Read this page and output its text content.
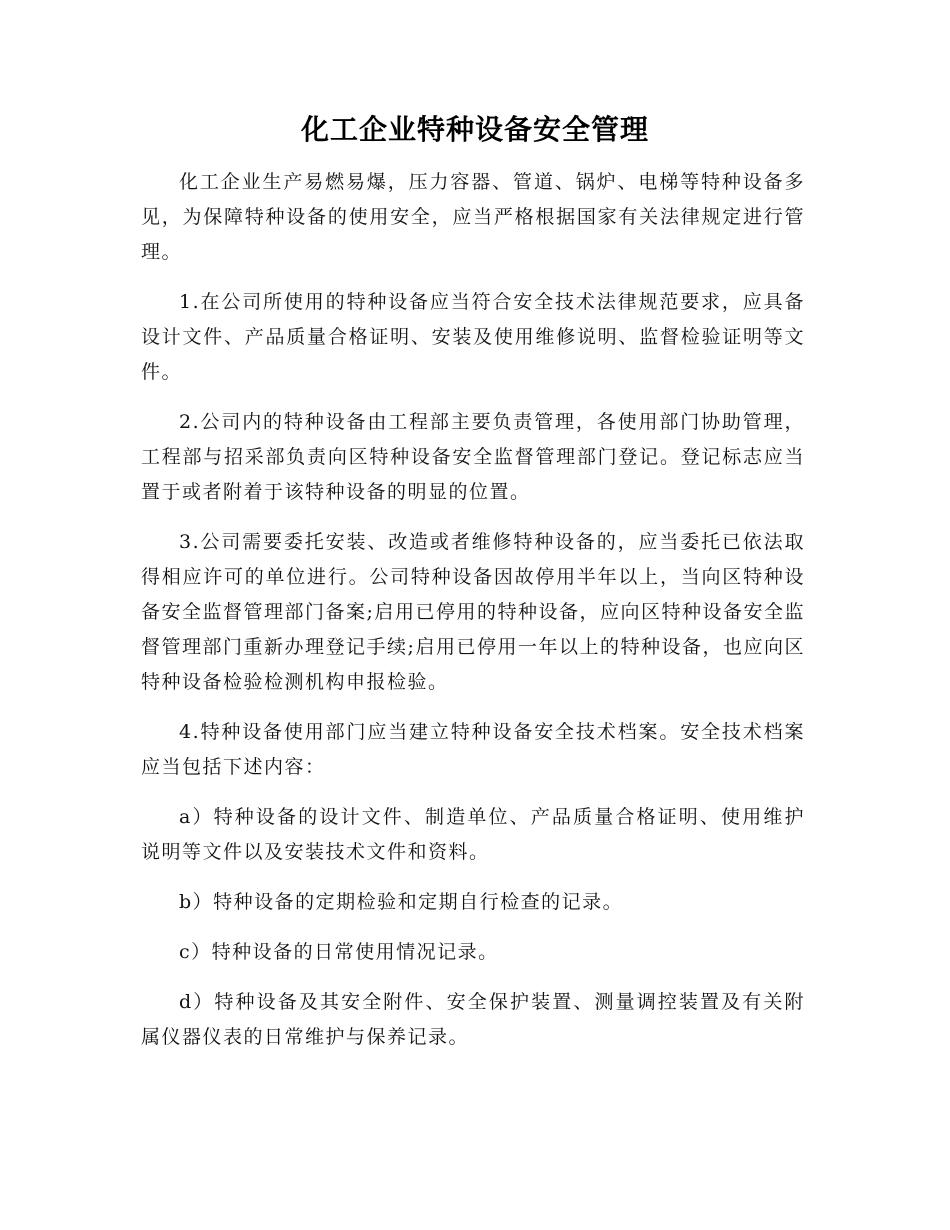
化工企业特种设备安全管理

化工企业生产易燃易爆，压力容器、管道、锅炉、电梯等特种设备多见，为保障特种设备的使用安全，应当严格根据国家有关法律规定进行管理。

1.在公司所使用的特种设备应当符合安全技术法律规范要求，应具备设计文件、产品质量合格证明、安装及使用维修说明、监督检验证明等文件。

2.公司内的特种设备由工程部主要负责管理，各使用部门协助管理，工程部与招采部负责向区特种设备安全监督管理部门登记。登记标志应当置于或者附着于该特种设备的明显的位置。

3.公司需要委托安装、改造或者维修特种设备的，应当委托已依法取得相应许可的单位进行。公司特种设备因故停用半年以上，当向区特种设备安全监督管理部门备案;启用已停用的特种设备，应向区特种设备安全监督管理部门重新办理登记手续;启用已停用一年以上的特种设备，也应向区特种设备检验检测机构申报检验。

4.特种设备使用部门应当建立特种设备安全技术档案。安全技术档案应当包括下述内容：

a）特种设备的设计文件、制造单位、产品质量合格证明、使用维护说明等文件以及安装技术文件和资料。

b）特种设备的定期检验和定期自行检查的记录。

c）特种设备的日常使用情况记录。

d）特种设备及其安全附件、安全保护装置、测量调控装置及有关附属仪器仪表的日常维护与保养记录。
